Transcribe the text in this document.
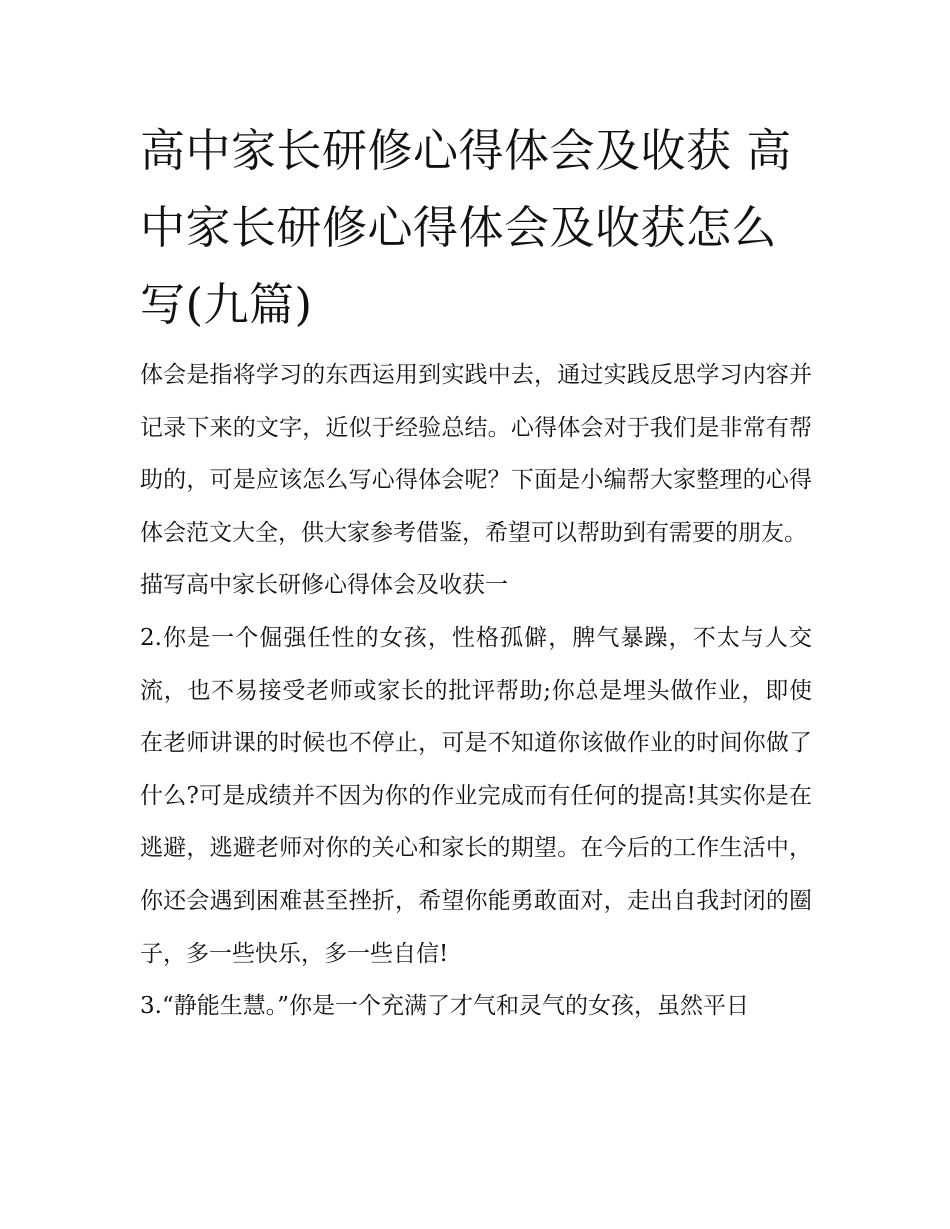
高中家长研修心得体会及收获 高中家长研修心得体会及收获怎么写(九篇)

体会是指将学习的东西运用到实践中去，通过实践反思学习内容并记录下来的文字，近似于经验总结。心得体会对于我们是非常有帮助的，可是应该怎么写心得体会呢？下面是小编帮大家整理的心得体会范文大全，供大家参考借鉴，希望可以帮助到有需要的朋友。

描写高中家长研修心得体会及收获一

2.你是一个倔强任性的女孩，性格孤僻，脾气暴躁，不太与人交流，也不易接受老师或家长的批评帮助;你总是埋头做作业，即使在老师讲课的时候也不停止，可是不知道你该做作业的时间你做了什么?可是成绩并不因为你的作业完成而有任何的提高!其实你是在逃避，逃避老师对你的关心和家长的期望。在今后的工作生活中，你还会遇到困难甚至挫折，希望你能勇敢面对，走出自我封闭的圈子，多一些快乐，多一些自信!

3.“静能生慧。”你是一个充满了才气和灵气的女孩，虽然平日
